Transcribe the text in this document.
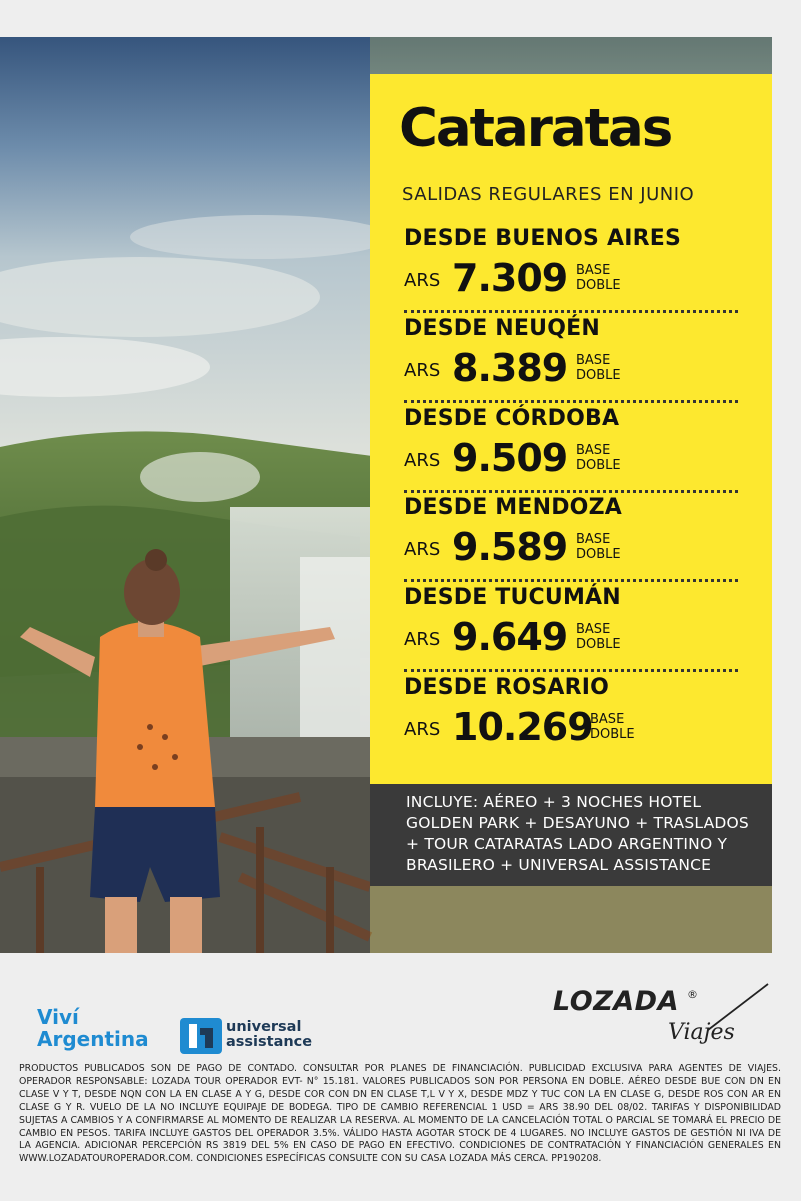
Cataratas
SALIDAS REGULARES EN JUNIO
DESDE BUENOS AIRES
ARS 7.309 BASE
DOBLE
DESDE NEUQÉN
ARS 8.389 BASE
DOBLE
DESDE CÓRDOBA
ARS 9.509 BASE
DOBLE
DESDE MENDOZA
ARS 9.589 BASE
DOBLE
DESDE TUCUMÁN
ARS 9.649 BASE
DOBLE
DESDE ROSARIO
ARS 10.269
BASE
DOBLE
INCLUYE: AÉREO + 3 NOCHES HOTEL GOLDEN PARK + DESAYUNO + TRASLADOS + TOUR CATARATAS LADO ARGENTINO Y BRASILERO + UNIVERSAL ASSISTANCE
Viví
Argentina	universal
assistance
LOZADA ®
Viajes

PRODUCTOS PUBLICADOS SON DE PAGO DE CONTADO. CONSULTAR POR PLANES DE FINANCIACIÓN. PUBLICIDAD EXCLUSIVA PARA AGENTES DE VIAJES. OPERADOR RESPONSABLE: LOZADA TOUR OPERADOR EVT- N° 15.181. VALORES PUBLICADOS SON POR PERSONA EN DOBLE. AÉREO DESDE BUE CON DN EN CLASE V Y T, DESDE NQN CON LA EN CLASE A Y G, DESDE COR CON DN EN CLASE T,L V Y X, DESDE MDZ Y TUC CON LA EN CLASE G, DESDE ROS CON AR EN CLASE G Y R. VUELO DE LA NO INCLUYE EQUIPAJE DE BODEGA. TIPO DE CAMBIO REFERENCIAL 1 USD = ARS 38.90 DEL 08/02. TARIFAS Y DISPONIBILIDAD SUJETAS A CAMBIOS Y A CONFIRMARSE AL MOMENTO DE REALIZAR LA RESERVA. AL MOMENTO DE LA CANCELACIÓN TOTAL O PARCIAL SE TOMARÁ EL PRECIO DE CAMBIO EN PESOS. TARIFA INCLUYE GASTOS DEL OPERADOR 3.5%. VÁLIDO HASTA AGOTAR STOCK DE 4 LUGARES. NO INCLUYE GASTOS DE GESTIÓN NI IVA DE LA AGENCIA. ADICIONAR PERCEPCIÓN RS 3819 DEL 5% EN CASO DE PAGO EN EFECTIVO. CONDICIONES DE CONTRATACIÓN Y FINANCIACIÓN GENERALES EN WWW.LOZADATOUROPERADOR.COM. CONDICIONES ESPECÍFICAS CONSULTE CON SU CASA LOZADA MÁS CERCA. PP190208.
